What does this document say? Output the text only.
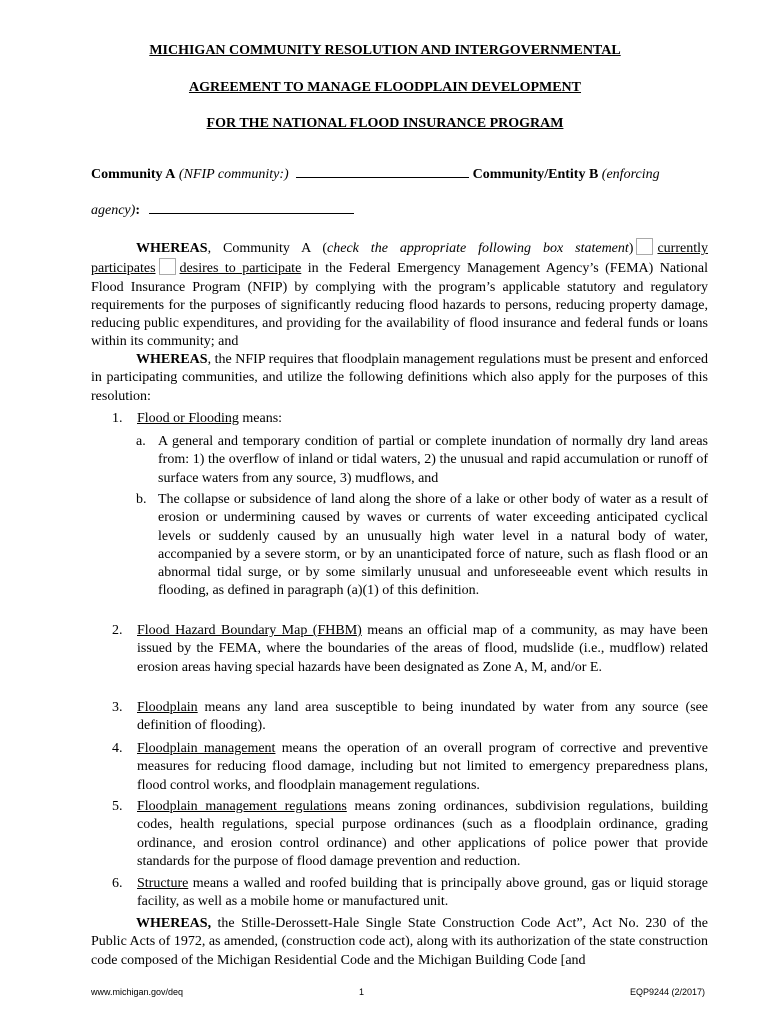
MICHIGAN COMMUNITY RESOLUTION AND INTERGOVERNMENTAL

AGREEMENT TO MANAGE FLOODPLAIN DEVELOPMENT

FOR THE NATIONAL FLOOD INSURANCE PROGRAM

Community A (NFIP community:)	Community/Entity B (enforcing

agency):

WHEREAS, Community A (check the appropriate following box statement) currently participates desires to participate in the Federal Emergency Management Agency’s (FEMA) National Flood Insurance Program (NFIP) by complying with the program’s applicable statutory and regulatory requirements for the purposes of significantly reducing flood hazards to persons, reducing property damage, reducing public expenditures, and providing for the availability of flood insurance and federal funds or loans within its community; and

WHEREAS, the NFIP requires that floodplain management regulations must be present and enforced in participating communities, and utilize the following definitions which also apply for the purposes of this resolution:

1. Flood or Flooding means:

a. A general and temporary condition of partial or complete inundation of normally dry land areas from: 1) the overflow of inland or tidal waters, 2) the unusual and rapid accumulation or runoff of surface waters from any source, 3) mudflows, and

b. The collapse or subsidence of land along the shore of a lake or other body of water as a result of erosion or undermining caused by waves or currents of water exceeding anticipated cyclical levels or suddenly caused by an unusually high water level in a natural body of water, accompanied by a severe storm, or by an unanticipated force of nature, such as flash flood or an abnormal tidal surge, or by some similarly unusual and unforeseeable event which results in flooding, as defined in paragraph (a)(1) of this definition.

2. Flood Hazard Boundary Map (FHBM) means an official map of a community, as may have been issued by the FEMA, where the boundaries of the areas of flood, mudslide (i.e., mudflow) related erosion areas having special hazards have been designated as Zone A, M, and/or E.

3. Floodplain means any land area susceptible to being inundated by water from any source (see definition of flooding).

4. Floodplain management means the operation of an overall program of corrective and preventive measures for reducing flood damage, including but not limited to emergency preparedness plans, flood control works, and floodplain management regulations.

5. Floodplain management regulations means zoning ordinances, subdivision regulations, building codes, health regulations, special purpose ordinances (such as a floodplain ordinance, grading ordinance, and erosion control ordinance) and other applications of police power that provide standards for the purpose of flood damage prevention and reduction.

6. Structure means a walled and roofed building that is principally above ground, gas or liquid storage facility, as well as a mobile home or manufactured unit.

WHEREAS, the Stille-Derossett-Hale Single State Construction Code Act”, Act No. 230 of the Public Acts of 1972, as amended, (construction code act), along with its authorization of the state construction code composed of the Michigan Residential Code and the Michigan Building Code [and

www.michigan.gov/deq	1	EQP9244 (2/2017)
